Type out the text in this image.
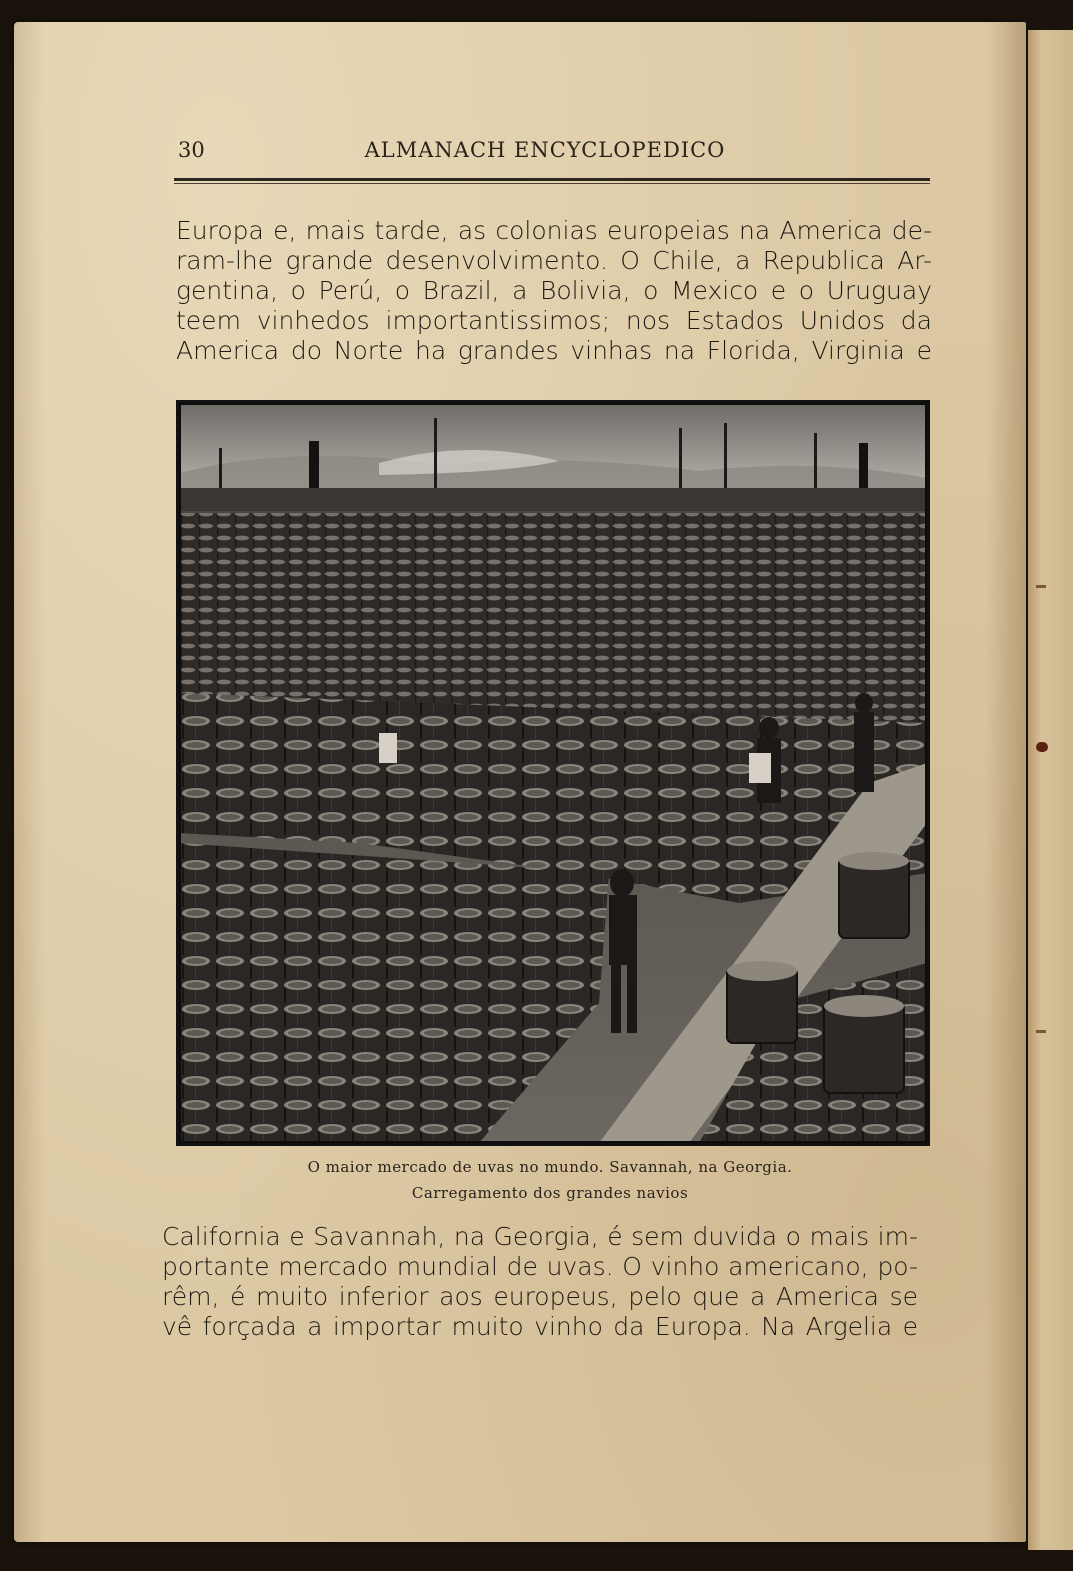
30	ALMANACH ENCYCLOPEDICO
Europa e, mais tarde, as colonias europeias na America de-
ram-lhe grande desenvolvimento. O Chile, a Republica Ar-
gentina, o Perú, o Brazil, a Bolivia, o Mexico e o Uruguay
teem vinhedos importantissimos; nos Estados Unidos da
America do Norte ha grandes vinhas na Florida, Virginia e
O maior mercado de uvas no mundo. Savannah, na Georgia.
Carregamento dos grandes navios
California e Savannah, na Georgia, é sem duvida o mais im-
portante mercado mundial de uvas. O vinho americano, po-
rêm, é muito inferior aos europeus, pelo que a America se
vê forçada a importar muito vinho da Europa. Na Argelia e
